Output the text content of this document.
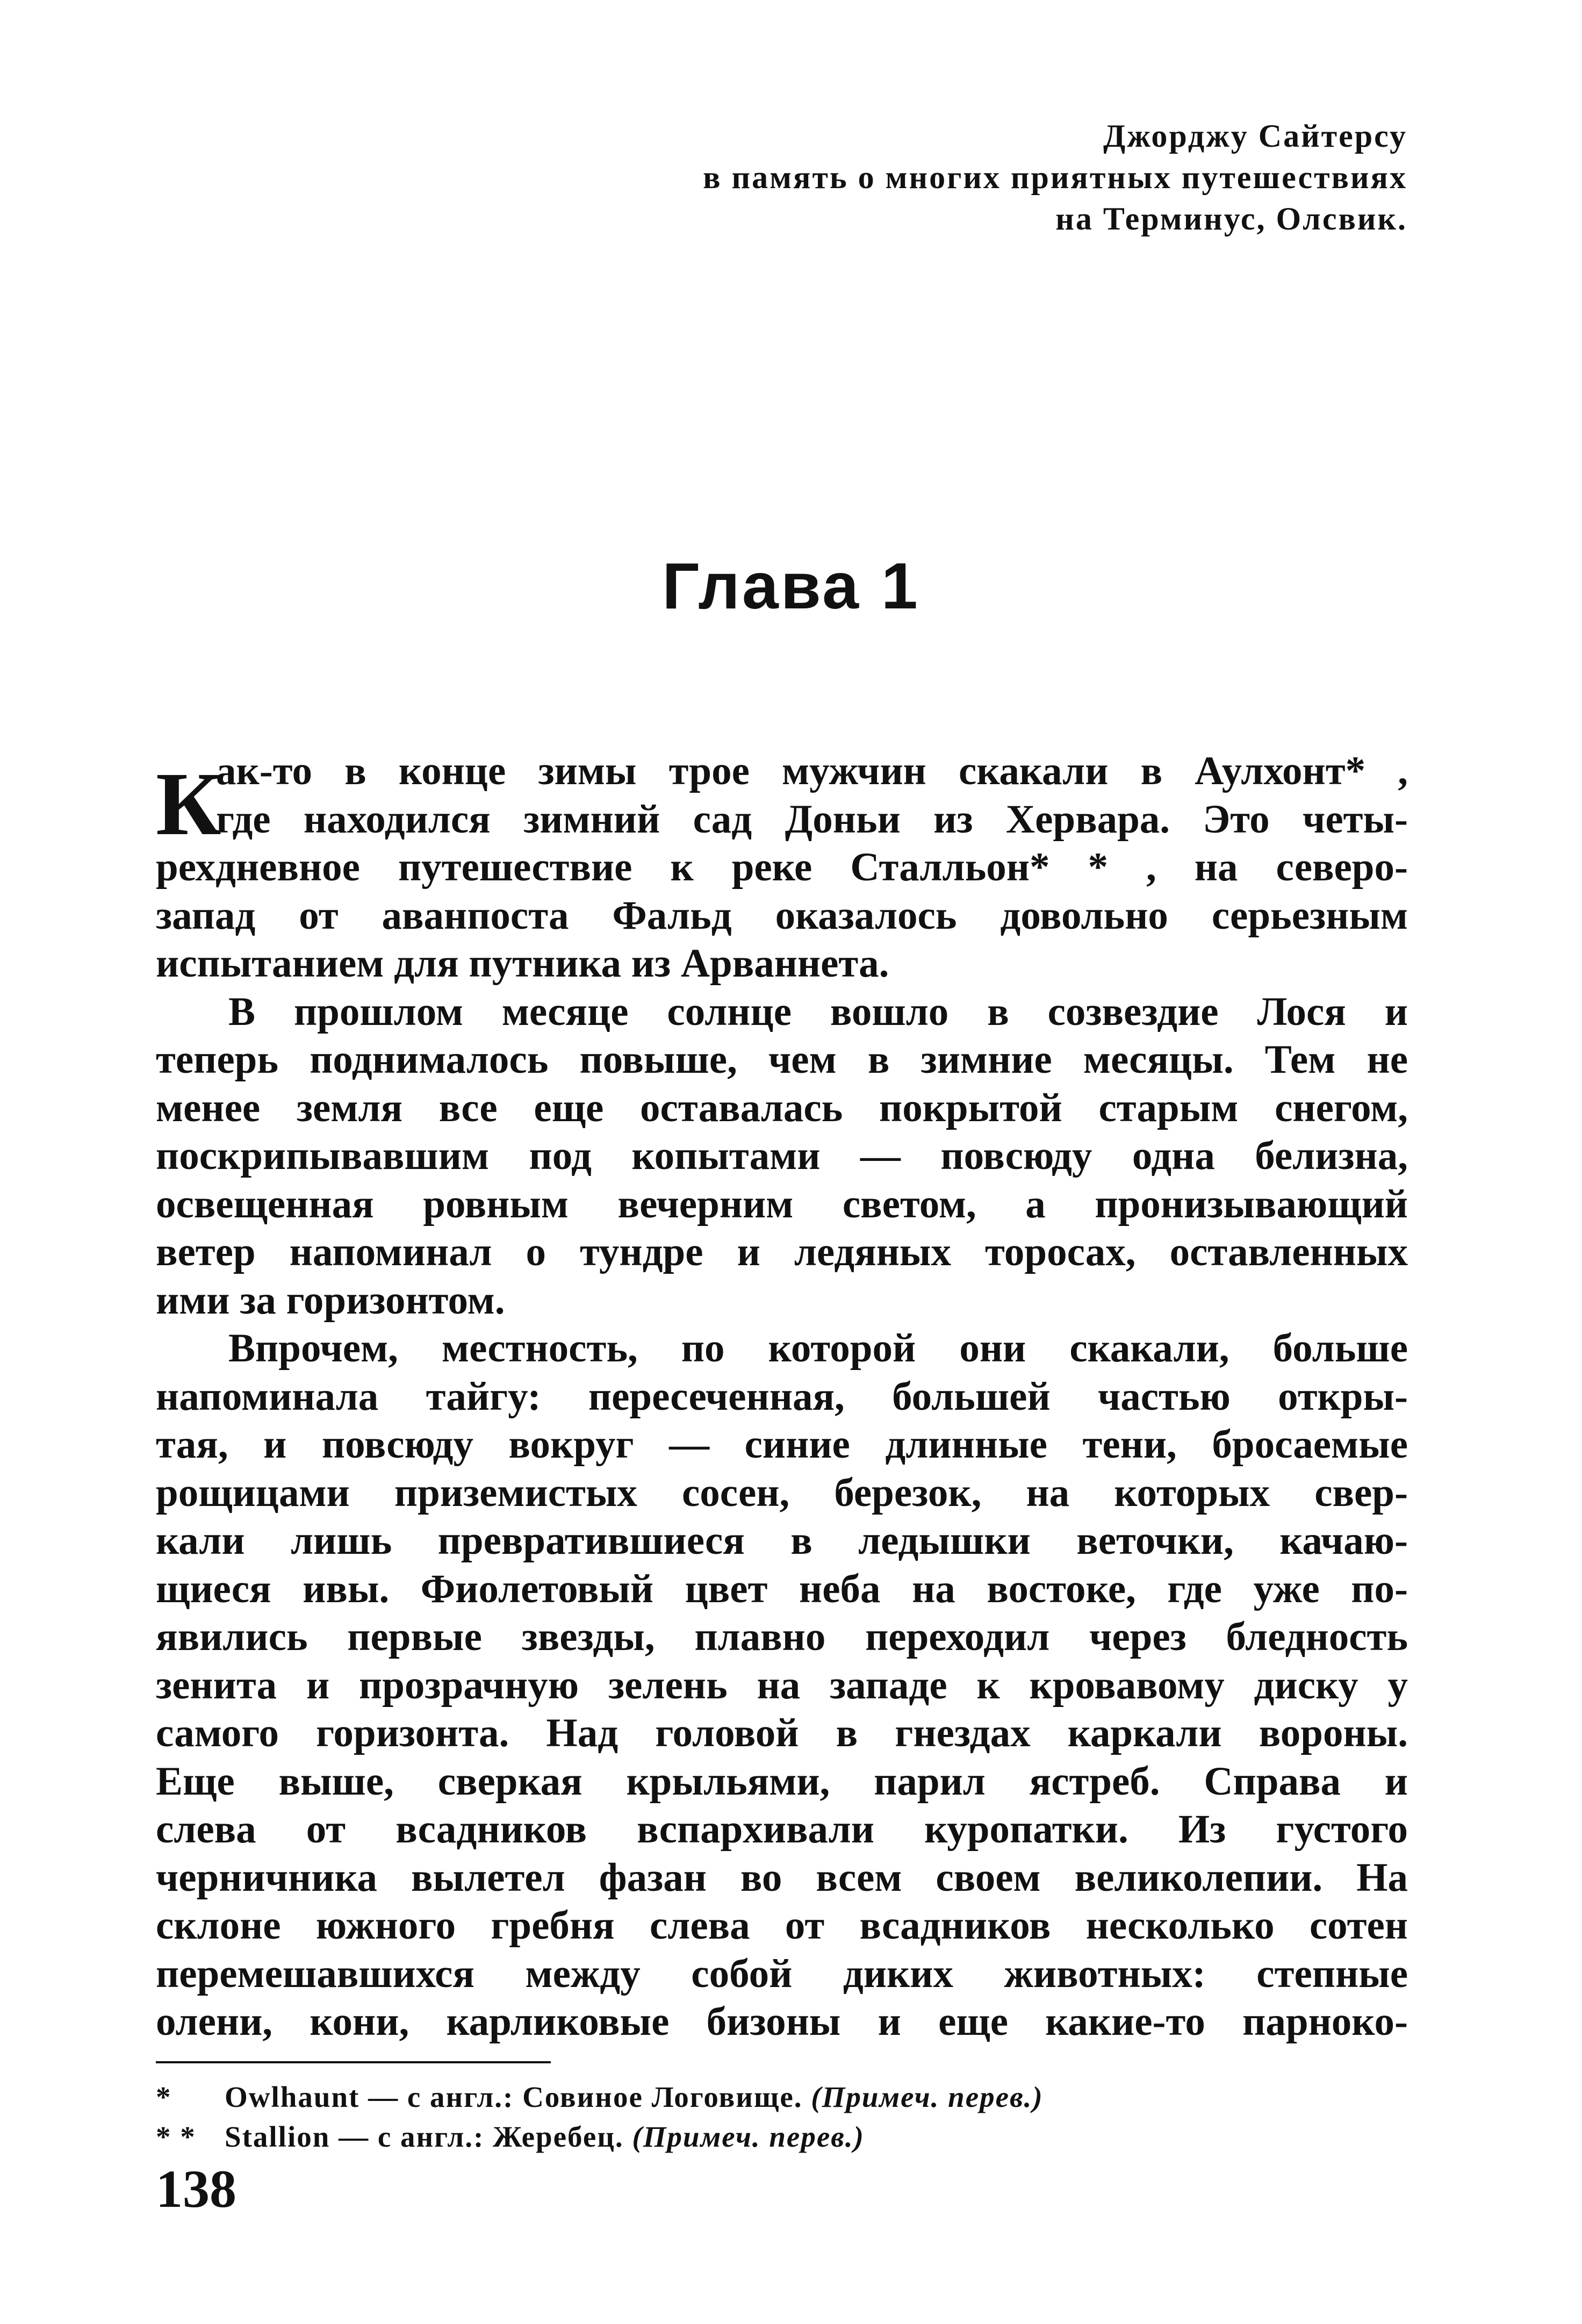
Джорджу Сайтерсу
в память о многих приятных путешествиях
на Терминус, Олсвик.
Глава 1
К
ак-то в конце зимы трое мужчин скакали в Аулхонт* ,
где находился зимний сад Доньи из Хервара. Это четы-
рехдневное путешествие к реке Сталльон* * , на северо-
запад от аванпоста Фальд оказалось довольно серьезным
испытанием для путника из Арваннета.
В прошлом месяце солнце вошло в созвездие Лося и
теперь поднималось повыше, чем в зимние месяцы. Тем не
менее земля все еще оставалась покрытой старым снегом,
поскрипывавшим под копытами — повсюду одна белизна,
освещенная ровным вечерним светом, а пронизывающий
ветер напоминал о тундре и ледяных торосах, оставленных
ими за горизонтом.
Впрочем, местность, по которой они скакали, больше
напоминала тайгу: пересеченная, большей частью откры-
тая, и повсюду вокруг — синие длинные тени, бросаемые
рощицами приземистых сосен, березок, на которых свер-
кали лишь превратившиеся в ледышки веточки, качаю-
щиеся ивы. Фиолетовый цвет неба на востоке, где уже по-
явились первые звезды, плавно переходил через бледность
зенита и прозрачную зелень на западе к кровавому диску у
самого горизонта. Над головой в гнездах каркали вороны.
Еще выше, сверкая крыльями, парил ястреб. Справа и
слева от всадников вспархивали куропатки. Из густого
черничника вылетел фазан во всем своем великолепии. На
склоне южного гребня слева от всадников несколько сотен
перемешавшихся между собой диких животных: степные
олени, кони, карликовые бизоны и еще какие-то парноко-
* Owlhaunt — с англ.: Совиное Логовище. (Примеч. перев.)
* * Stallion — с англ.: Жеребец. (Примеч. перев.)
138
